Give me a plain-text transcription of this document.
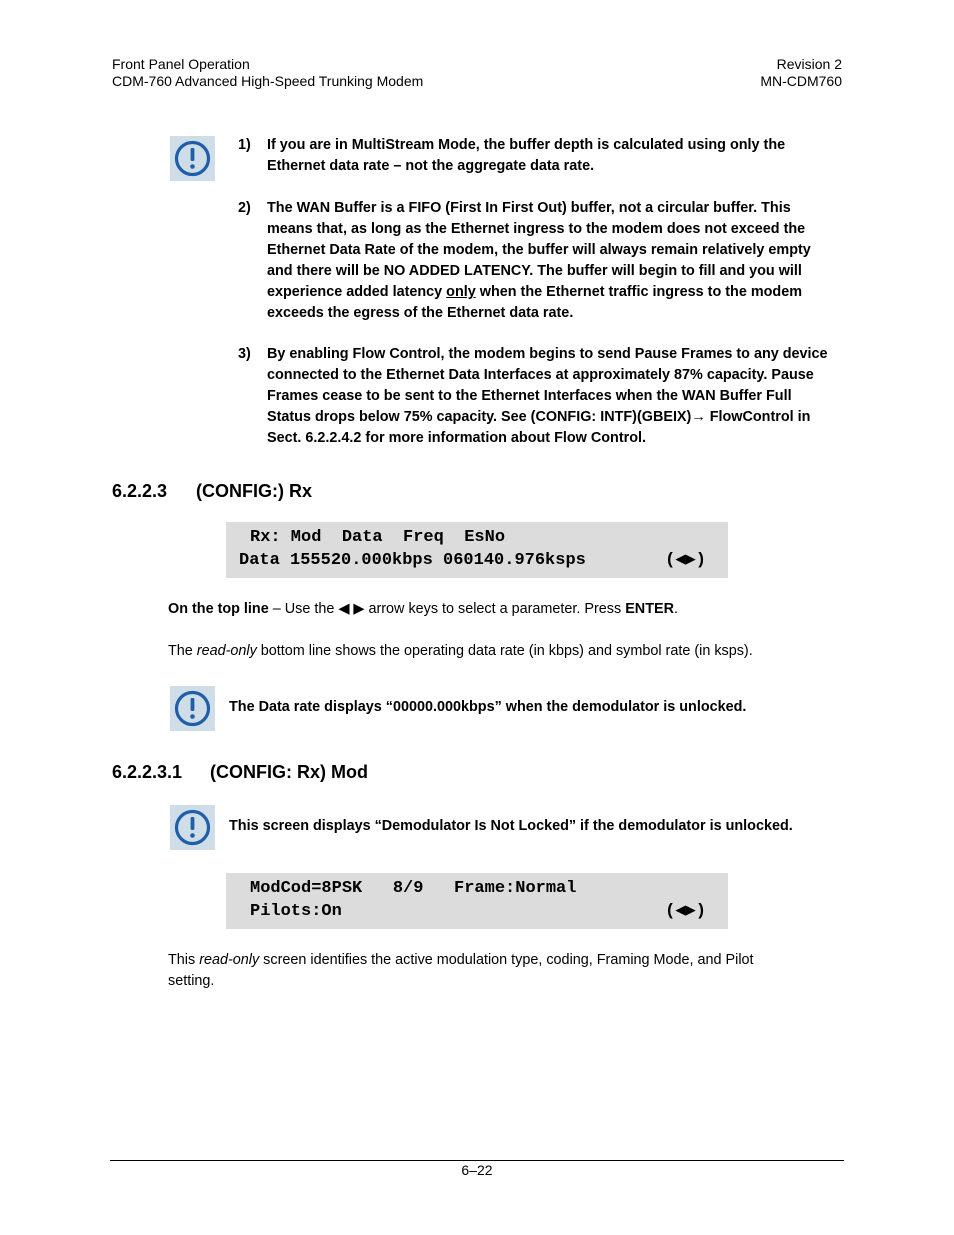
Front Panel Operation
CDM-760 Advanced High-Speed Trunking Modem
Revision 2
MN-CDM760
1) If you are in MultiStream Mode, the buffer depth is calculated using only the Ethernet data rate – not the aggregate data rate.
2) The WAN Buffer is a FIFO (First In First Out) buffer, not a circular buffer. This means that, as long as the Ethernet ingress to the modem does not exceed the Ethernet Data Rate of the modem, the buffer will always remain relatively empty and there will be NO ADDED LATENCY. The buffer will begin to fill and you will experience added latency only when the Ethernet traffic ingress to the modem exceeds the egress of the Ethernet data rate.
3) By enabling Flow Control, the modem begins to send Pause Frames to any device connected to the Ethernet Data Interfaces at approximately 87% capacity. Pause Frames cease to be sent to the Ethernet Interfaces when the WAN Buffer Full Status drops below 75% capacity. See (CONFIG: INTF)(GBEIX)→ FlowControl in Sect. 6.2.2.4.2 for more information about Flow Control.
6.2.2.3 (CONFIG:) Rx

Rx: Mod  Data  Freq  EsNo

Data 155520.000kbps 060140.976ksps

	(◀▶)

On the top line – Use the ◀ ▶ arrow keys to select a parameter. Press ENTER.
The read-only bottom line shows the operating data rate (in kbps) and symbol rate (in ksps).
The Data rate displays “00000.000kbps” when the demodulator is unlocked.
6.2.2.3.1 (CONFIG: Rx) Mod
This screen displays “Demodulator Is Not Locked” if the demodulator is unlocked.

ModCod=8PSK   8/9   Frame:Normal

Pilots:On

	(◀▶)

This read-only screen identifies the active modulation type, coding, Framing Mode, and Pilot
setting.
6–22
